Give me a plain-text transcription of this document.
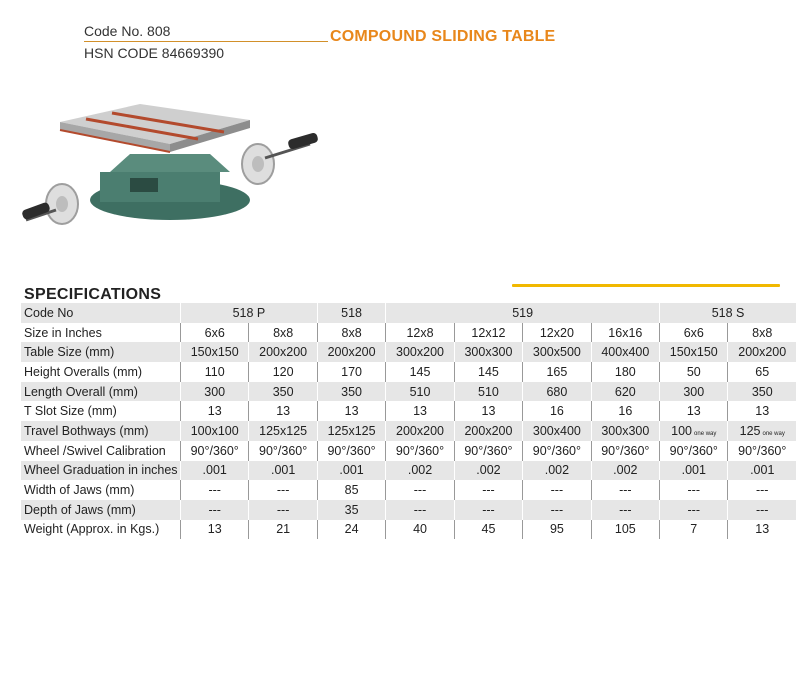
Code No. 808
HSN CODE 84669390
COMPOUND SLIDING TABLE
SPECIFICATIONS
Code No	518 P		518	519				518 S	
Size in Inches	6x6	8x8	8x8	12x8	12x12	12x20	16x16	6x6	8x8
Table Size (mm)	150x150	200x200	200x200	300x200	300x300	300x500	400x400	150x150	200x200
Height Overalls (mm)	110	120	170	145	145	165	180	50	65
Length Overall (mm)	300	350	350	510	510	680	620	300	350
T Slot Size (mm)	13	13	13	13	13	16	16	13	13
Travel Bothways (mm)	100x100	125x125	125x125	200x200	200x200	300x400	300x300	100 one way	125 one way
Wheel /Swivel Calibration	90°/360°	90°/360°	90°/360°	90°/360°	90°/360°	90°/360°	90°/360°	90°/360°	90°/360°
Wheel Graduation in inches	.001	.001	.001	.002	.002	.002	.002	.001	.001
Width of Jaws (mm)	---	---	85	---	---	---	---	---	---
Depth of Jaws (mm)	---	---	35	---	---	---	---	---	---
Weight (Approx. in Kgs.)	13	21	24	40	45	95	105	7	13
